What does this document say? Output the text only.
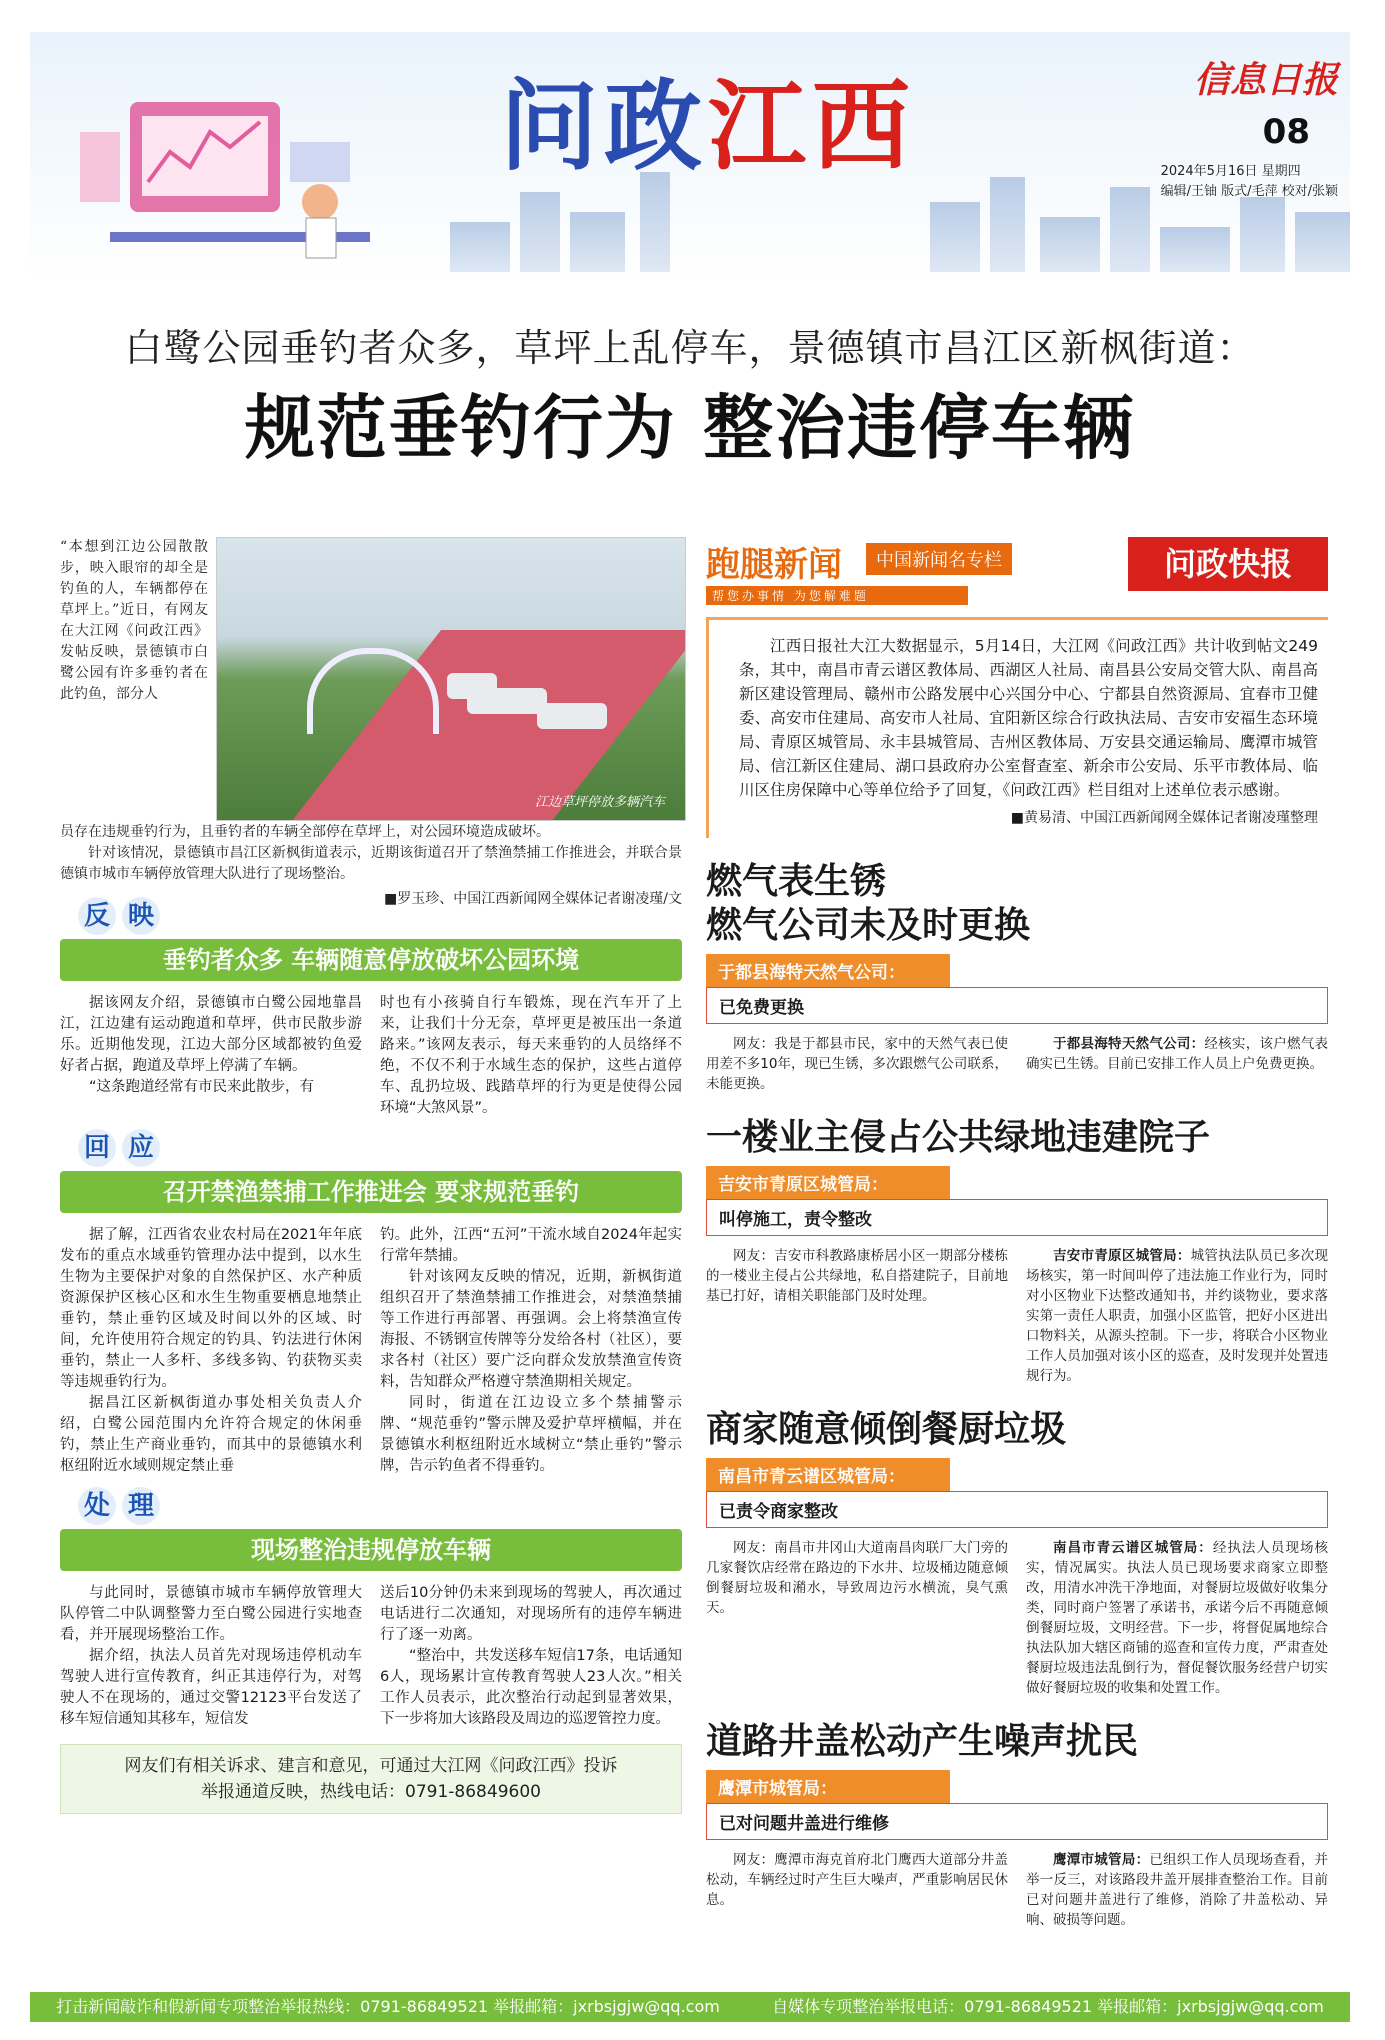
问政江西	信息日报
08
2024年5月16日 星期四
编辑/王铀 版式/毛萍 校对/张颖
白鹭公园垂钓者众多，草坪上乱停车，景德镇市昌江区新枫街道：
规范垂钓行为 整治违停车辆
“本想到江边公园散散步，映入眼帘的却全是钓鱼的人，车辆都停在草坪上。”近日，有网友在大江网《问政江西》发帖反映，景德镇市白鹭公园有许多垂钓者在此钓鱼，部分人
江边草坪停放多辆汽车
员存在违规垂钓行为，且垂钓者的车辆全部停在草坪上，对公园环境造成破坏。
针对该情况，景德镇市昌江区新枫街道表示，近期该街道召开了禁渔禁捕工作推进会，并联合景德镇市城市车辆停放管理大队进行了现场整治。
■罗玉珍、中国江西新闻网全媒体记者谢凌瑾/文
反 映
垂钓者众多 车辆随意停放破坏公园环境

据该网友介绍，景德镇市白鹭公园地靠昌江，江边建有运动跑道和草坪，供市民散步游乐。近期他发现，江边大部分区域都被钓鱼爱好者占据，跑道及草坪上停满了车辆。

“这条跑道经常有市民来此散步，有

时也有小孩骑自行车锻炼，现在汽车开了上来，让我们十分无奈，草坪更是被压出一条道路来。”该网友表示，每天来垂钓的人员络绎不绝，不仅不利于水域生态的保护，这些占道停车、乱扔垃圾、践踏草坪的行为更是使得公园环境“大煞风景”。

回 应
召开禁渔禁捕工作推进会 要求规范垂钓

据了解，江西省农业农村局在2021年年底发布的重点水域垂钓管理办法中提到，以水生生物为主要保护对象的自然保护区、水产种质资源保护区核心区和水生生物重要栖息地禁止垂钓，禁止垂钓区域及时间以外的区域、时间，允许使用符合规定的钓具、钓法进行休闲垂钓，禁止一人多杆、多线多钩、钓获物买卖等违规垂钓行为。

据昌江区新枫街道办事处相关负责人介绍，白鹭公园范围内允许符合规定的休闲垂钓，禁止生产商业垂钓，而其中的景德镇水利枢纽附近水域则规定禁止垂

钓。此外，江西“五河”干流水域自2024年起实行常年禁捕。

针对该网友反映的情况，近期，新枫街道组织召开了禁渔禁捕工作推进会，对禁渔禁捕等工作进行再部署、再强调。会上将禁渔宣传海报、不锈钢宣传牌等分发给各村（社区），要求各村（社区）要广泛向群众发放禁渔宣传资料，告知群众严格遵守禁渔期相关规定。

同时，街道在江边设立多个禁捕警示牌、“规范垂钓”警示牌及爱护草坪横幅，并在景德镇水利枢纽附近水域树立“禁止垂钓”警示牌，告示钓鱼者不得垂钓。

处 理
现场整治违规停放车辆

与此同时，景德镇市城市车辆停放管理大队停管二中队调整警力至白鹭公园进行实地查看，并开展现场整治工作。

据介绍，执法人员首先对现场违停机动车驾驶人进行宣传教育，纠正其违停行为，对驾驶人不在现场的，通过交警12123平台发送了移车短信通知其移车，短信发

送后10分钟仍未来到现场的驾驶人，再次通过电话进行二次通知，对现场所有的违停车辆进行了逐一劝离。

“整治中，共发送移车短信17条，电话通知6人，现场累计宣传教育驾驶人23人次。”相关工作人员表示，此次整治行动起到显著效果，下一步将加大该路段及周边的巡逻管控力度。

网友们有相关诉求、建言和意见，可通过大江网《问政江西》投诉
举报通道反映，热线电话：0791-86849600
跑腿新闻
帮您办事情 为您解难题
中国新闻名专栏	问政快报

江西日报社大江大数据显示，5月14日，大江网《问政江西》共计收到帖文249条，其中，南昌市青云谱区教体局、西湖区人社局、南昌县公安局交管大队、南昌高新区建设管理局、赣州市公路发展中心兴国分中心、宁都县自然资源局、宜春市卫健委、高安市住建局、高安市人社局、宜阳新区综合行政执法局、吉安市安福生态环境局、青原区城管局、永丰县城管局、吉州区教体局、万安县交通运输局、鹰潭市城管局、信江新区住建局、湖口县政府办公室督查室、新余市公安局、乐平市教体局、临川区住房保障中心等单位给予了回复，《问政江西》栏目组对上述单位表示感谢。

■黄易清、中国江西新闻网全媒体记者谢凌瑾整理
燃气表生锈
燃气公司未及时更换
于都县海特天然气公司：
已免费更换

网友：我是于都县市民，家中的天然气表已使用差不多10年，现已生锈，多次跟燃气公司联系，未能更换。

于都县海特天然气公司：经核实，该户燃气表确实已生锈。目前已安排工作人员上户免费更换。

一楼业主侵占公共绿地违建院子
吉安市青原区城管局：
叫停施工，责令整改

网友：吉安市科教路康桥居小区一期部分楼栋的一楼业主侵占公共绿地，私自搭建院子，目前地基已打好，请相关职能部门及时处理。

吉安市青原区城管局：城管执法队员已多次现场核实，第一时间叫停了违法施工作业行为，同时对小区物业下达整改通知书，并约谈物业，要求落实第一责任人职责，加强小区监管，把好小区进出口物料关，从源头控制。下一步，将联合小区物业工作人员加强对该小区的巡查，及时发现并处置违规行为。

商家随意倾倒餐厨垃圾
南昌市青云谱区城管局：
已责令商家整改

网友：南昌市井冈山大道南昌肉联厂大门旁的几家餐饮店经常在路边的下水井、垃圾桶边随意倾倒餐厨垃圾和潲水，导致周边污水横流，臭气熏天。

南昌市青云谱区城管局：经执法人员现场核实，情况属实。执法人员已现场要求商家立即整改，用清水冲洗干净地面，对餐厨垃圾做好收集分类，同时商户签署了承诺书，承诺今后不再随意倾倒餐厨垃圾，文明经营。下一步，将督促属地综合执法队加大辖区商铺的巡查和宣传力度，严肃查处餐厨垃圾违法乱倒行为，督促餐饮服务经营户切实做好餐厨垃圾的收集和处置工作。

道路井盖松动产生噪声扰民
鹰潭市城管局：
已对问题井盖进行维修

网友：鹰潭市海克首府北门鹰西大道部分井盖松动，车辆经过时产生巨大噪声，严重影响居民休息。

鹰潭市城管局：已组织工作人员现场查看，并举一反三，对该路段井盖开展排查整治工作。目前已对问题井盖进行了维修，消除了井盖松动、异响、破损等问题。

打击新闻敲诈和假新闻专项整治举报热线：0791-86849521 举报邮箱：jxrbsjgjw@qq.com	自媒体专项整治举报电话：0791-86849521 举报邮箱：jxrbsjgjw@qq.com
